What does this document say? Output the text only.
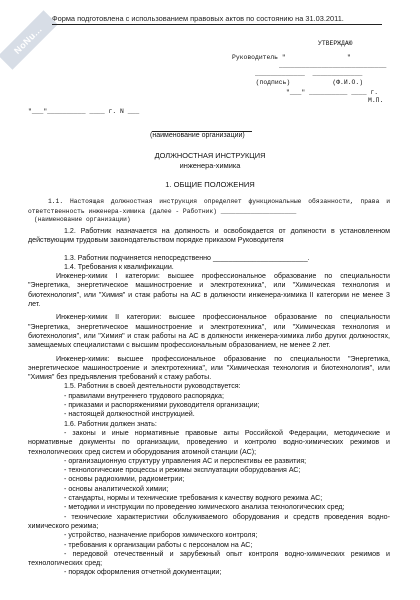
NoNu...
Форма подготовлена с использованием правовых актов по состоянию на 31.03.2011.
УТВЕРЖДАЮ
Руководитель "                "
____________________________
_____________  _____________
(подпись)           (Ф.И.О.)
"___" __________ ____ г.
М.П.
"___"__________ ____ г. N ___
(наименование организации)
ДОЛЖНОСТНАЯ ИНСТРУКЦИЯ
инженера-химика
1. ОБЩИЕ ПОЛОЖЕНИЯ
1.1. Настоящая должностная инструкция определяет функциональные обязанности, права и ответственность инженера-химика (далее - Работник) ____________________
(наименование организации)

1.2. Работник назначается на должность и освобождается от должности в установленном действующим трудовым законодательством порядке приказом Руководителя

1.3. Работник подчиняется непосредственно ________________________.

1.4. Требования к квалификации.

Инженер-химик I категории: высшее профессиональное образование по специальности "Энергетика, энергетическое машиностроение и электротехника", или "Химическая технология и биотехнология", или "Химия" и стаж работы на АС в должности инженера-химика II категории не менее 3 лет.

Инженер-химик II категории: высшее профессиональное образование по специальности "Энергетика, энергетическое машиностроение и электротехника", или "Химическая технология и биотехнология", или "Химия" и стаж работы на АС в должности инженера-химика либо других должностях, замещаемых специалистами с высшим профессиональным образованием, не менее 2 лет.

Инженер-химик: высшее профессиональное образование по специальности "Энергетика, энергетическое машиностроение и электротехника", или "Химическая технология и биотехнология", или "Химия" без предъявления требований к стажу работы.

1.5. Работник в своей деятельности руководствуется:

- правилами внутреннего трудового распорядка;

- приказами и распоряжениями руководителя организации;

- настоящей должностной инструкцией.

1.6. Работник должен знать:

- законы и иные нормативные правовые акты Российской Федерации, методические и нормативные документы по организации, проведению и контролю водно-химических режимов и технологических сред систем и оборудования атомной станции (АС);

- организационную структуру управления АС и перспективы ее развития;

- технологические процессы и режимы эксплуатации оборудования АС;

- основы радиохимии, радиометрии;

- основы аналитической химии;

- стандарты, нормы и технические требования к качеству водного режима АС;

- методики и инструкции по проведению химического анализа технологических сред;

- технические характеристики обслуживаемого оборудования и средств проведения водно-химического режима;

- устройство, назначение приборов химического контроля;

- требования к организации работы с персоналом на АС;

- передовой отечественный и зарубежный опыт контроля водно-химических режимов и технологических сред;

- порядок оформления отчетной документации;
